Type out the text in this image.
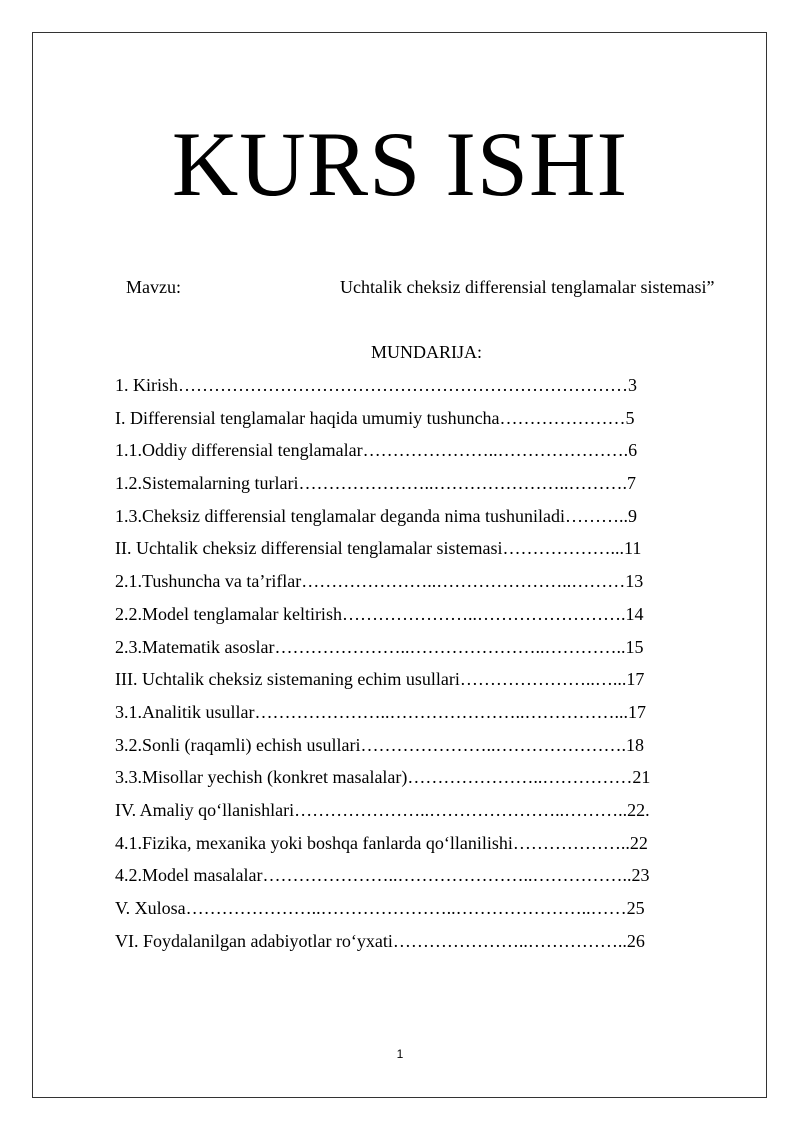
KURS ISHI
Mavzu:	Uchtalik cheksiz differensial tenglamalar sistemasi”
MUNDARIJA:
1. Kirish…………………………………………………………………3
I. Differensial tenglamalar haqida umumiy tushuncha…………………5
1.1.Oddiy differensial tenglamalar…………………..………………….6
1.2.Sistemalarning turlari…………………..…………………..……….7
1.3.Cheksiz differensial tenglamalar deganda nima tushuniladi………..9
II. Uchtalik cheksiz differensial tenglamalar sistemasi………………...11
2.1.Tushuncha va ta’riflar…………………..…………………..………13
2.2.Model tenglamalar keltirish…………………..…………………….14
2.3.Matematik asoslar…………………..…………………..…………..15
III. Uchtalik cheksiz sistemaning echim usullari…………………..…...17
3.1.Analitik usullar…………………..…………………..……………...17
3.2.Sonli (raqamli) echish usullari…………………..………………….18
3.3.Misollar yechish (konkret masalalar)…………………..……………21
IV. Amaliy qo‘llanishlari…………………..…………………..………..22.
4.1.Fizika, mexanika yoki boshqa fanlarda qo‘llanilishi………………..22
4.2.Model masalalar…………………..…………………..……………..23
V. Xulosa…………………..…………………..…………………..……25
VI. Foydalanilgan adabiyotlar ro‘yxati…………………..……………..26
1
